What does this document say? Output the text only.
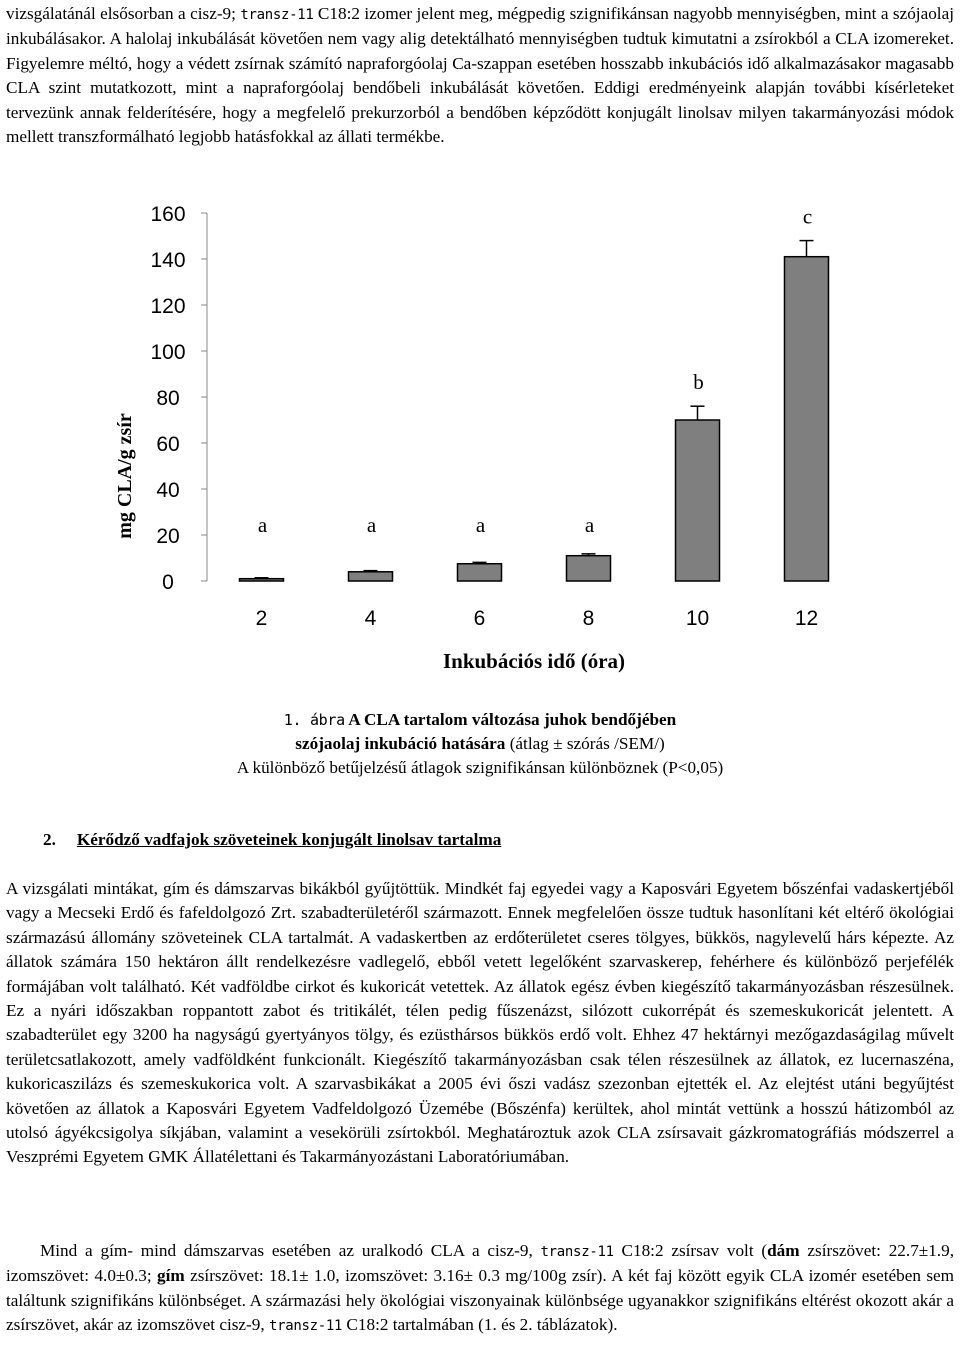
vizsgálatánál elsősorban a cisz-9; transz-11 C18:2 izomer jelent meg, mégpedig szignifikánsan nagyobb mennyiségben, mint a szójaolaj inkubálásakor. A halolaj inkubálását követően nem vagy alig detektálható mennyiségben tudtuk kimutatni a zsírokból a CLA izomereket. Figyelemre méltó, hogy a védett zsírnak számító napraforgóolaj Ca-szappan esetében hosszabb inkubációs idő alkalmazásakor magasabb CLA szint mutatkozott, mint a napraforgóolaj bendőbeli inkubálását követően. Eddigi eredményeink alapján további kísérleteket tervezünk annak felderítésére, hogy a megfelelő prekurzorból a bendőben képződött konjugált linolsav milyen takarmányozási módok mellett transzformálható legjobb hatásfokkal az állati termékbe.

mg CLA/g zsír
0
20
40
60
80
100
120
140
160
a	a	a	a
b
c
2	4	6	8	10	12
Inkubációs idő (óra)
1. ábra A CLA tartalom változása juhok bendőjében
szójaolaj inkubáció hatására (átlag ± szórás /SEM/)
A különböző betűjelzésű átlagok szignifikánsan különböznek (P<0,05)
2. Kérődző vadfajok szöveteinek konjugált linolsav tartalma

A vizsgálati mintákat, gím és dámszarvas bikákból gyűjtöttük. Mindkét faj egyedei vagy a Kaposvári Egyetem bőszénfai vadaskertjéből vagy a Mecseki Erdő és fafeldolgozó Zrt. szabadterületéről származott. Ennek megfelelően össze tudtuk hasonlítani két eltérő ökológiai származású állomány szöveteinek CLA tartalmát. A vadaskertben az erdőterületet cseres tölgyes, bükkös, nagylevelű hárs képezte. Az állatok számára 150 hektáron állt rendelkezésre vadlegelő, ebből vetett legelőként szarvaskerep, fehérhere és különböző perjefélék formájában volt található. Két vadföldbe cirkot és kukoricát vetettek. Az állatok egész évben kiegészítő takarmányozásban részesülnek. Ez a nyári időszakban roppantott zabot és tritikálét, télen pedig fűszenázst, silózott cukorrépát és szemeskukoricát jelentett. A szabadterület egy 3200 ha nagyságú gyertyányos tölgy, és ezüsthársos bükkös erdő volt. Ehhez 47 hektárnyi mezőgazdaságilag művelt területcsatlakozott, amely vadföldként funkcionált. Kiegészítő takarmányozásban csak télen részesülnek az állatok, ez lucernaszéna, kukoricaszilázs és szemeskukorica volt. A szarvasbikákat a 2005 évi őszi vadász szezonban ejtették el. Az elejtést utáni begyűjtést követően az állatok a Kaposvári Egyetem Vadfeldolgozó Üzemébe (Bőszénfa) kerültek, ahol mintát vettünk a hosszú hátizomból az utolsó ágyékcsigolya síkjában, valamint a vesekörüli zsírtokból. Meghatároztuk azok CLA zsírsavait gázkromatográfiás módszerrel a Veszprémi Egyetem GMK Állatélettani és Takarmányozástani Laboratóriumában.

Mind a gím- mind dámszarvas esetében az uralkodó CLA a cisz-9, transz-11 C18:2 zsírsav volt (dám zsírszövet: 22.7±1.9, izomszövet: 4.0±0.3; gím zsírszövet: 18.1± 1.0, izomszövet: 3.16± 0.3 mg/100g zsír). A két faj között egyik CLA izomér esetében sem találtunk szignifikáns különbséget. A származási hely ökológiai viszonyainak különbsége ugyanakkor szignifikáns eltérést okozott akár a zsírszövet, akár az izomszövet cisz-9, transz-11 C18:2 tartalmában (1. és 2. táblázatok).
